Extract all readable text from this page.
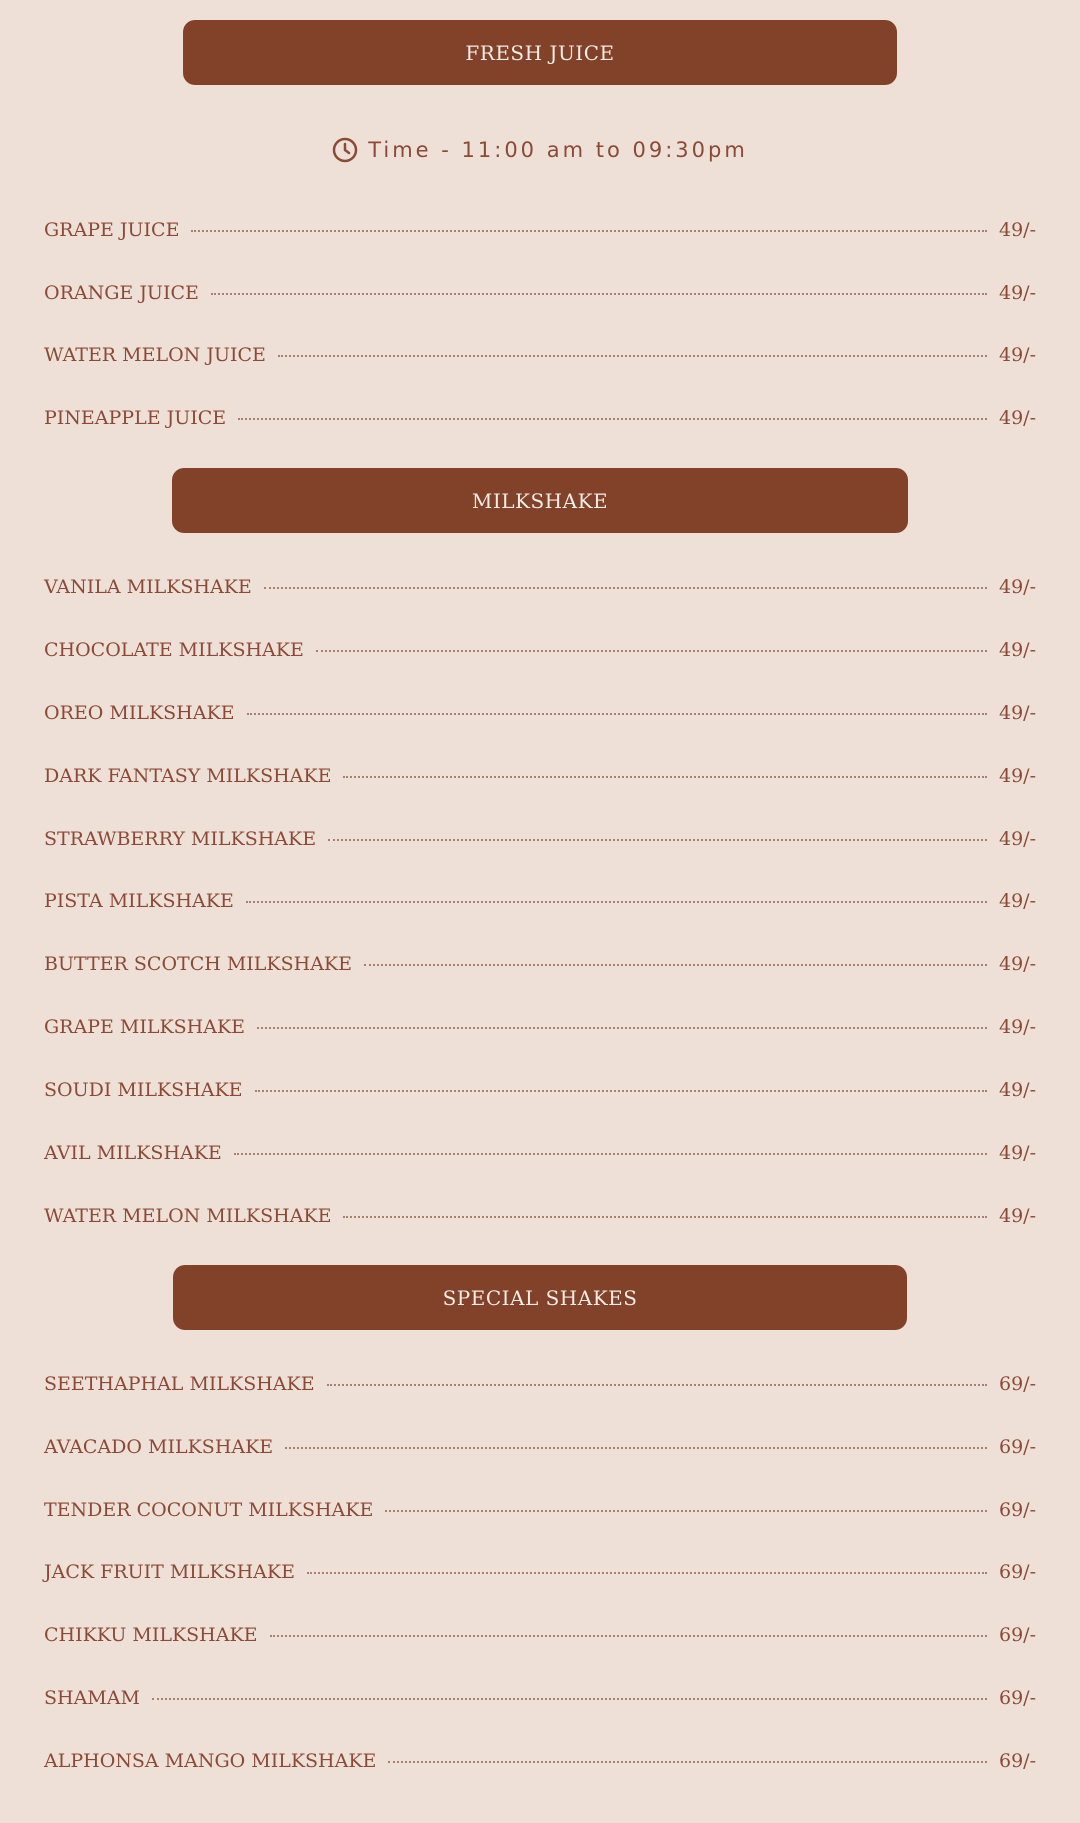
FRESH JUICE
Time - 11:00 am to 09:30pm
GRAPE JUICE	49/-
ORANGE JUICE	49/-
WATER MELON JUICE	49/-
PINEAPPLE JUICE	49/-
MILKSHAKE
VANILA MILKSHAKE	49/-
CHOCOLATE MILKSHAKE	49/-
OREO MILKSHAKE	49/-
DARK FANTASY MILKSHAKE	49/-
STRAWBERRY MILKSHAKE	49/-
PISTA MILKSHAKE	49/-
BUTTER SCOTCH MILKSHAKE	49/-
GRAPE MILKSHAKE	49/-
SOUDI MILKSHAKE	49/-
AVIL MILKSHAKE	49/-
WATER MELON MILKSHAKE	49/-
SPECIAL SHAKES
SEETHAPHAL MILKSHAKE	69/-
AVACADO MILKSHAKE	69/-
TENDER COCONUT MILKSHAKE	69/-
JACK FRUIT MILKSHAKE	69/-
CHIKKU MILKSHAKE	69/-
SHAMAM	69/-
ALPHONSA MANGO MILKSHAKE	69/-
